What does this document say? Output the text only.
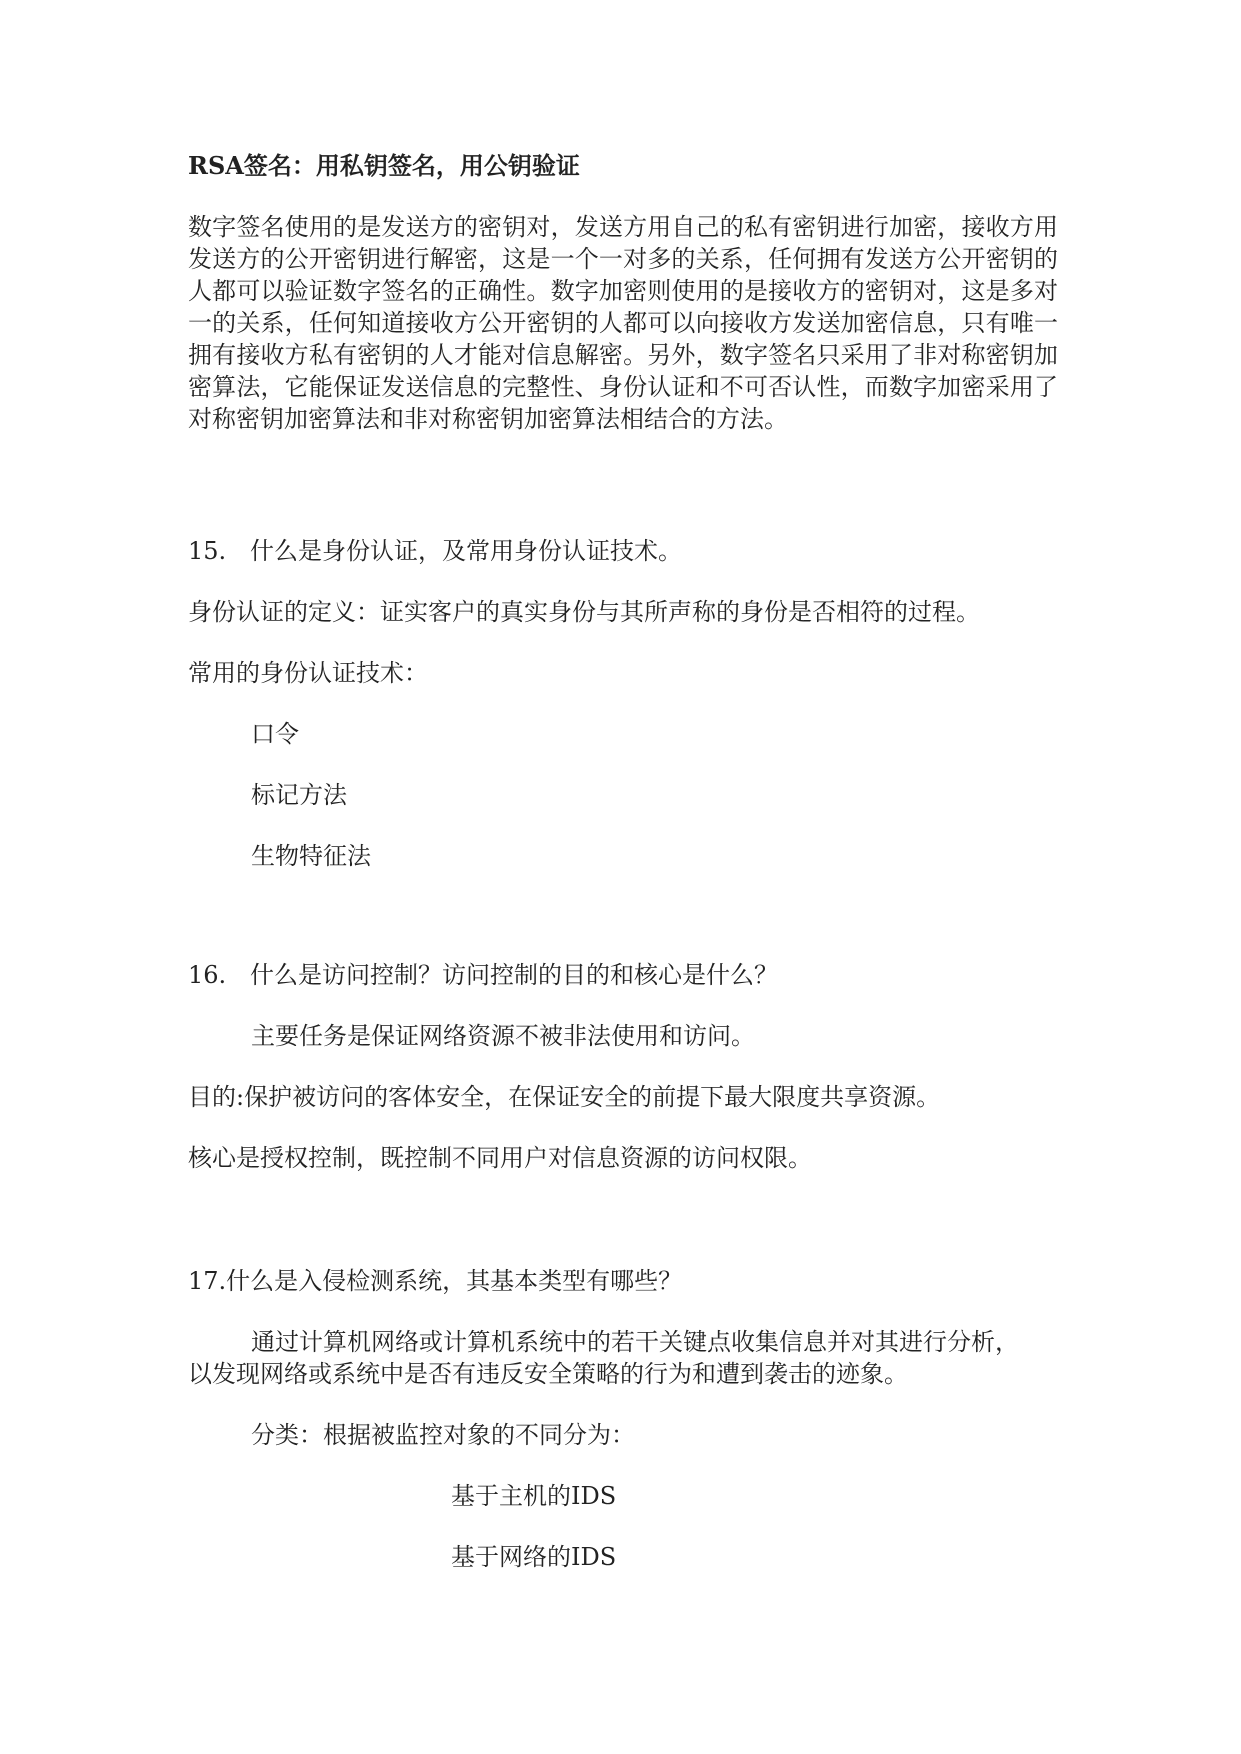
RSA签名：用私钥签名，用公钥验证
数字签名使用的是发送方的密钥对，发送方用自己的私有密钥进行加密，接收方用发送方的公开密钥进行解密，这是一个一对多的关系，任何拥有发送方公开密钥的人都可以验证数字签名的正确性。数字加密则使用的是接收方的密钥对，这是多对一的关系，任何知道接收方公开密钥的人都可以向接收方发送加密信息，只有唯一拥有接收方私有密钥的人才能对信息解密。另外，数字签名只采用了非对称密钥加密算法，它能保证发送信息的完整性、身份认证和不可否认性，而数字加密采用了对称密钥加密算法和非对称密钥加密算法相结合的方法。
15. 什么是身份认证，及常用身份认证技术。
身份认证的定义：证实客户的真实身份与其所声称的身份是否相符的过程。
常用的身份认证技术：
口令
标记方法
生物特征法
16. 什么是访问控制？访问控制的目的和核心是什么？
主要任务是保证网络资源不被非法使用和访问。
目的:保护被访问的客体安全，在保证安全的前提下最大限度共享资源。
核心是授权控制，既控制不同用户对信息资源的访问权限。
17.什么是入侵检测系统，其基本类型有哪些？
通过计算机网络或计算机系统中的若干关键点收集信息并对其进行分析，
以发现网络或系统中是否有违反安全策略的行为和遭到袭击的迹象。
分类：根据被监控对象的不同分为：
基于主机的IDS
基于网络的IDS
